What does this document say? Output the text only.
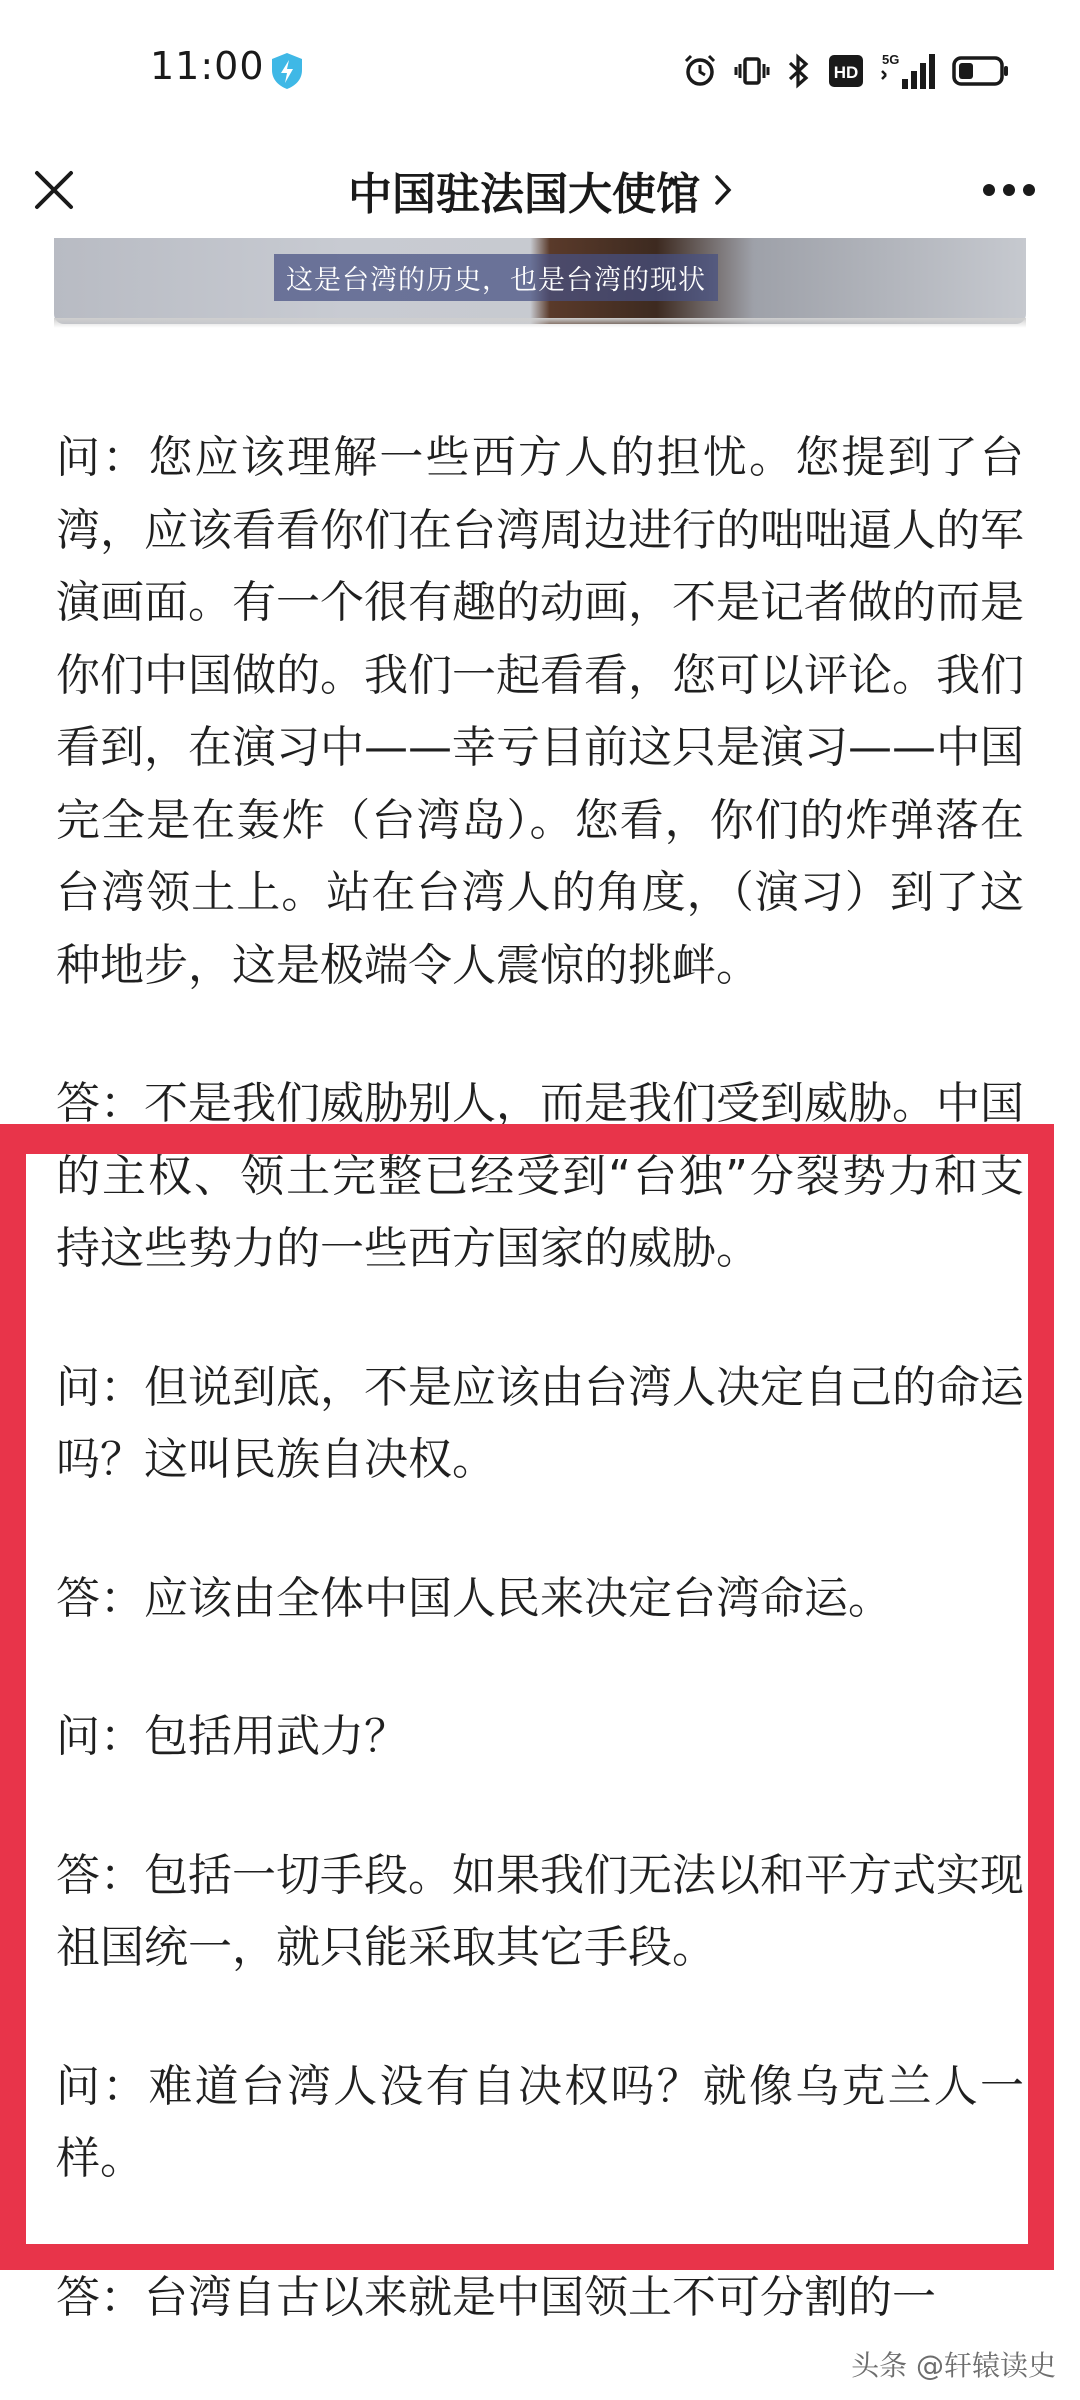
11:00	HD
5G
中国驻法国大使馆
这是台湾的历史，也是台湾的现状

问：您应该理解一些西方人的担忧。您提到了台湾，应该看看你们在台湾周边进行的咄咄逼人的军演画面。有一个很有趣的动画，不是记者做的而是你们中国做的。我们一起看看，您可以评论。我们看到，在演习中——幸亏目前这只是演习——中国完全是在轰炸（台湾岛）。您看，你们的炸弹落在台湾领土上。站在台湾人的角度，（演习）到了这种地步，这是极端令人震惊的挑衅。

答：不是我们威胁别人，而是我们受到威胁。中国的主权、领土完整已经受到“台独”分裂势力和支持这些势力的一些西方国家的威胁。

问：但说到底，不是应该由台湾人决定自己的命运吗？这叫民族自决权。

答：应该由全体中国人民来决定台湾命运。

问：包括用武力？

答：包括一切手段。如果我们无法以和平方式实现祖国统一，就只能采取其它手段。

问：难道台湾人没有自决权吗？就像乌克兰人一样。

答：台湾自古以来就是中国领土不可分割的一

头条 @轩辕读史
